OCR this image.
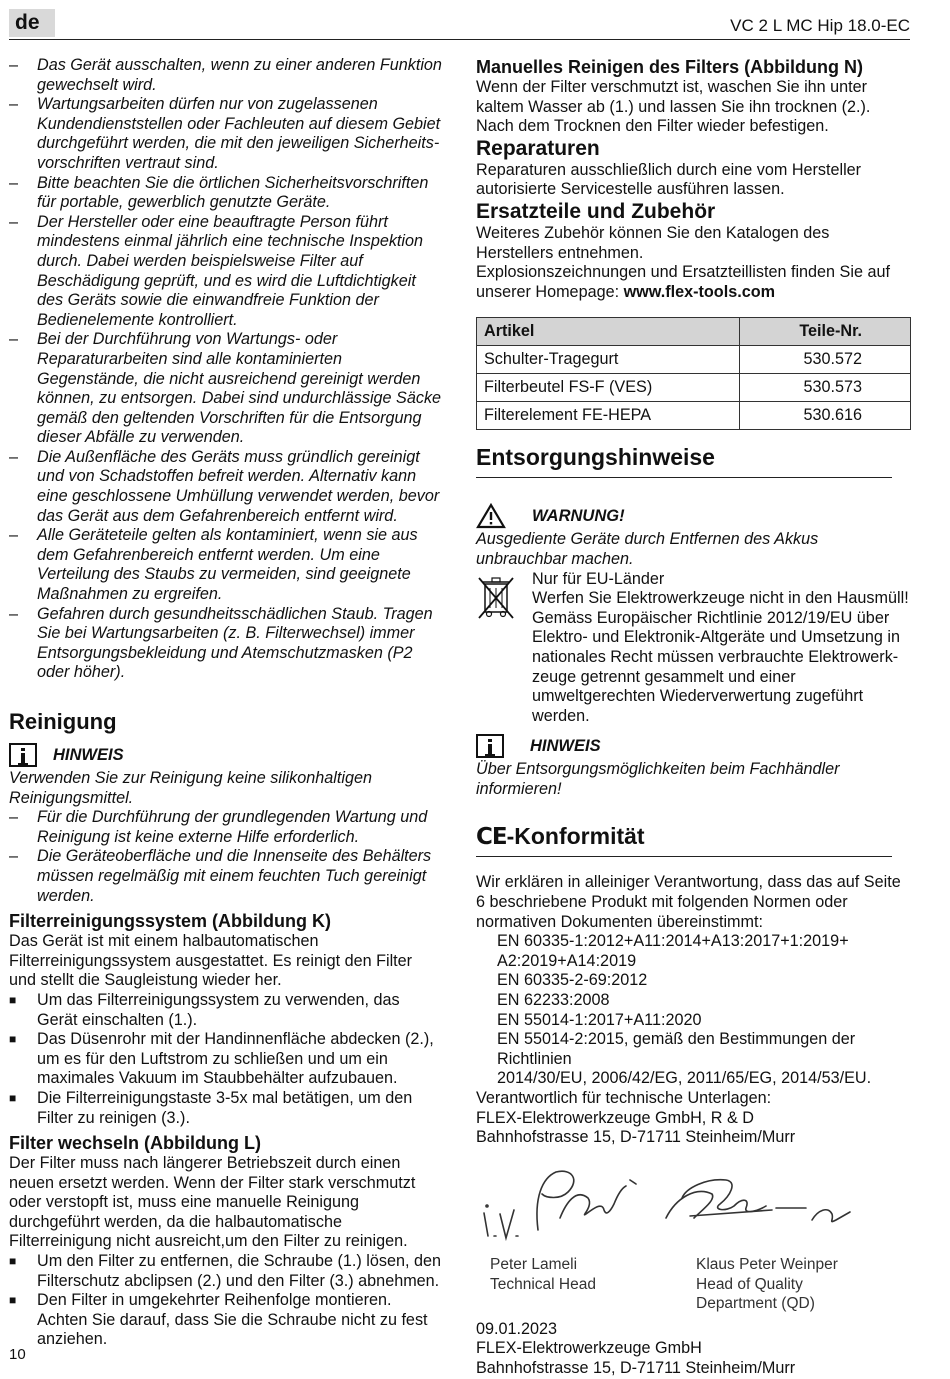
de	VC 2 L MC Hip 18.0-EC
–	Das Gerät ausschalten, wenn zu einer anderen Funktion gewechselt wird.
–	Wartungsarbeiten dürfen nur von zugelassenen Kundendienststellen oder Fachleuten auf diesem Gebiet durchgeführt werden, die mit den jeweiligen Sicherheitsvorschriften vertraut sind.
–	Bitte beachten Sie die örtlichen Sicherheitsvorschriften für portable, gewerblich genutzte Geräte.
–	Der Hersteller oder eine beauftragte Person führt mindestens einmal jährlich eine technische Inspektion durch. Dabei werden beispielsweise Filter auf Beschädigung geprüft, und es wird die Luftdichtigkeit des Geräts sowie die einwandfreie Funktion der Bedienelemente kontrolliert.
–	Bei der Durchführung von Wartungs- oder Reparaturarbeiten sind alle kontaminierten Gegenstände, die nicht ausreichend gereinigt werden können, zu entsorgen. Dabei sind undurchlässige Säcke gemäß den geltenden Vorschriften für die Entsorgung dieser Abfälle zu verwenden.
–	Die Außenfläche des Geräts muss gründlich gereinigt und von Schadstoffen befreit werden. Alternativ kann eine geschlossene Umhüllung verwendet werden, bevor das Gerät aus dem Gefahrenbereich entfernt wird.
–	Alle Geräteteile gelten als kontaminiert, wenn sie aus dem Gefahrenbereich entfernt werden. Um eine Verteilung des Staubs zu vermeiden, sind geeignete Maßnahmen zu ergreifen.
–	Gefahren durch gesundheitsschädlichen Staub. Tragen Sie bei Wartungsarbeiten (z. B. Filterwechsel) immer Entsorgungsbekleidung und Atemschutzmasken (P2 oder höher).
Reinigung
HINWEIS

Verwenden Sie zur Reinigung keine silikonhaltigen Reinigungsmittel.

–	Für die Durchführung der grundlegenden Wartung und Reinigung ist keine externe Hilfe erforderlich.
–	Die Geräteoberfläche und die Innenseite des Behälters müssen regelmäßig mit einem feuchten Tuch gereinigt werden.
Filterreinigungssystem (Abbildung K)

Das Gerät ist mit einem halbautomatischen Filterreinigungssystem ausgestattet. Es reinigt den Filter und stellt die Saugleistung wieder her.

■	Um das Filterreinigungssystem zu verwenden, das Gerät einschalten (1.).
■	Das Düsenrohr mit der Handinnenfläche abdecken (2.), um es für den Luftstrom zu schließen und um ein maximales Vakuum im Staubbehälter aufzubauen.
■	Die Filterreinigungstaste 3-5x mal betätigen, um den Filter zu reinigen (3.).
Filter wechseln (Abbildung L)

Der Filter muss nach längerer Betriebszeit durch einen neuen ersetzt werden. Wenn der Filter stark verschmutzt oder verstopft ist, muss eine manuelle Reinigung durchgeführt werden, da die halbautomatische Filterreinigung nicht ausreicht,um den Filter zu reinigen.

■	Um den Filter zu entfernen, die Schraube (1.) lösen, den Filterschutz abclipsen (2.) und den Filter (3.) abnehmen.
■	Den Filter in umgekehrter Reihenfolge montieren. Achten Sie darauf, dass Sie die Schraube nicht zu fest anziehen.
10
Manuelles Reinigen des Filters (Abbildung N)

Wenn der Filter verschmutzt ist, waschen Sie ihn unter kaltem Wasser ab (1.) und lassen Sie ihn trocknen (2.). Nach dem Trocknen den Filter wieder befestigen.

Reparaturen

Reparaturen ausschließlich durch eine vom Hersteller autorisierte Servicestelle ausführen lassen.

Ersatzteile und Zubehör

Weiteres Zubehör können Sie den Katalogen des Herstellers entnehmen.

Explosionszeichnungen und Ersatzteillisten finden Sie auf unserer Homepage: www.flex-tools.com

Artikel	Teile-Nr.
Schulter-Tragegurt	530.572
Filterbeutel FS-F (VES)	530.573
Filterelement FE-HEPA	530.616
Entsorgungshinweise
WARNUNG!

Ausgediente Geräte durch Entfernen des Akkus unbrauchbar machen.

Nur für EU-Länder

Werfen Sie Elektrowerkzeuge nicht in den Hausmüll! Gemäss Europäischer Richtlinie 2012/19/EU über Elektro- und Elektronik-Altgeräte und Umsetzung in nationales Recht müssen verbrauchte Elektrowerkzeuge getrennt gesammelt und einer umweltgerechten Wiederverwertung zugeführt werden.

HINWEIS

Über Entsorgungsmöglichkeiten beim Fachhändler informieren!

CE-Konformität

Wir erklären in alleiniger Verantwortung, dass das auf Seite 6 beschriebene Produkt mit folgenden Normen oder normativen Dokumenten übereinstimmt:

EN 60335-1:2012+A11:2014+A13:2017+1:2019+

A2:2019+A14:2019

EN 60335-2-69:2012

EN 62233:2008

EN 55014-1:2017+A11:2020

EN 55014-2:2015, gemäß den Bestimmungen der Richtlinien

2014/30/EU, 2006/42/EG, 2011/65/EG, 2014/53/EU.

Verantwortlich für technische Unterlagen:

FLEX-Elektrowerkzeuge GmbH, R & D

Bahnhofstrasse 15, D-71711 Steinheim/Murr

Peter Lameli
Technical Head
Klaus Peter Weinper
Head of Quality
Department (QD)

09.01.2023

FLEX-Elektrowerkzeuge GmbH

Bahnhofstrasse 15, D-71711 Steinheim/Murr
